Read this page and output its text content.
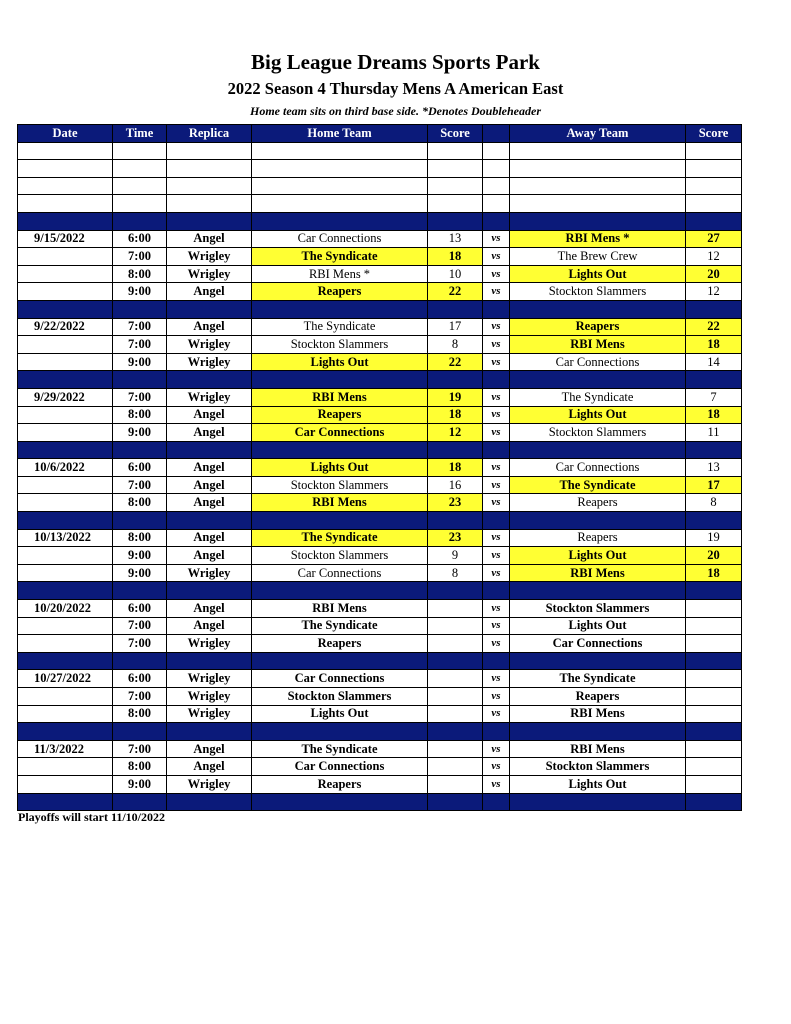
Big League Dreams Sports Park
2022 Season 4 Thursday Mens A American East
Home team sits on third base side. *Denotes Doubleheader
Date	Time	Replica	Home Team	Score		Away Team	Score

9/15/2022	6:00	Angel	Car Connections	13	vs	RBI Mens *	27
	7:00	Wrigley	The Syndicate	18	vs	The Brew Crew	12
	8:00	Wrigley	RBI Mens *	10	vs	Lights Out	20
	9:00	Angel	Reapers	22	vs	Stockton Slammers	12

9/22/2022	7:00	Angel	The Syndicate	17	vs	Reapers	22
	7:00	Wrigley	Stockton Slammers	8	vs	RBI Mens	18
	9:00	Wrigley	Lights Out	22	vs	Car Connections	14

9/29/2022	7:00	Wrigley	RBI Mens	19	vs	The Syndicate	7
	8:00	Angel	Reapers	18	vs	Lights Out	18
	9:00	Angel	Car Connections	12	vs	Stockton Slammers	11

10/6/2022	6:00	Angel	Lights Out	18	vs	Car Connections	13
	7:00	Angel	Stockton Slammers	16	vs	The Syndicate	17
	8:00	Angel	RBI Mens	23	vs	Reapers	8

10/13/2022	8:00	Angel	The Syndicate	23	vs	Reapers	19
	9:00	Angel	Stockton Slammers	9	vs	Lights Out	20
	9:00	Wrigley	Car Connections	8	vs	RBI Mens	18

10/20/2022	6:00	Angel	RBI Mens		vs	Stockton Slammers	
	7:00	Angel	The Syndicate		vs	Lights Out	
	7:00	Wrigley	Reapers		vs	Car Connections	

10/27/2022	6:00	Wrigley	Car Connections		vs	The Syndicate	
	7:00	Wrigley	Stockton Slammers		vs	Reapers	
	8:00	Wrigley	Lights Out		vs	RBI Mens	

11/3/2022	7:00	Angel	The Syndicate		vs	RBI Mens	
	8:00	Angel	Car Connections		vs	Stockton Slammers	
	9:00	Wrigley	Reapers		vs	Lights Out	

Playoffs will start 11/10/2022
